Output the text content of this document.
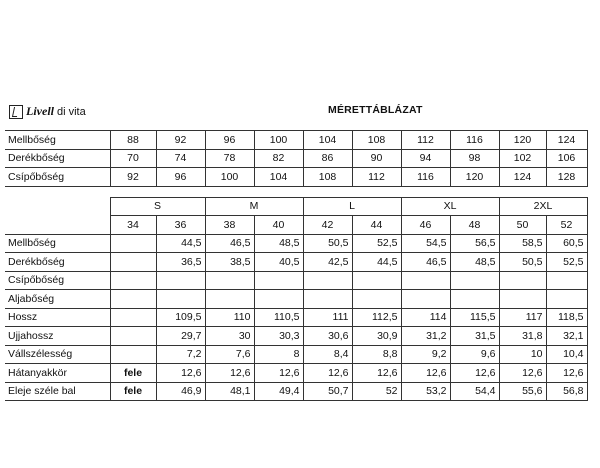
Livell di vita	MÉRETTÁBLÁZAT
Mellbőség	88	92	96	100	104	108	112	116	120	124
Derékbőség	70	74	78	82	86	90	94	98	102	106
Csípőbőség	92	96	100	104	108	112	116	120	124	128

	S		M		L		XL		2XL	
	34	36	38	40	42	44	46	48	50	52
Mellbőség		44,5	46,5	48,5	50,5	52,5	54,5	56,5	58,5	60,5
Derékbőség		36,5	38,5	40,5	42,5	44,5	46,5	48,5	50,5	52,5
Csípőbőség										
Aljabőség										
Hossz		109,5	110	110,5	111	112,5	114	115,5	117	118,5
Ujjahossz		29,7	30	30,3	30,6	30,9	31,2	31,5	31,8	32,1
Vállszélesség		7,2	7,6	8	8,4	8,8	9,2	9,6	10	10,4
Hátanyakkör	fele	12,6	12,6	12,6	12,6	12,6	12,6	12,6	12,6	12,6
Eleje széle bal	fele	46,9	48,1	49,4	50,7	52	53,2	54,4	55,6	56,8
